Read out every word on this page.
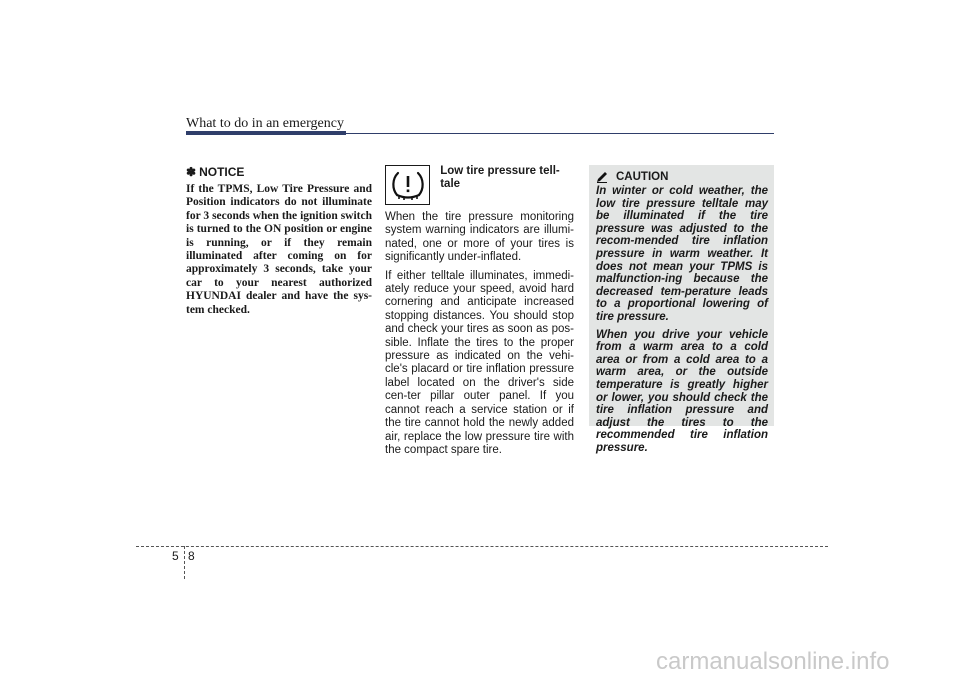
What to do in an emergency
✽ NOTICE

If the TPMS, Low Tire Pressure and Position indicators do not illuminate for 3 seconds when the ignition switch is turned to the ON position or engine is running, or if they remain illuminated after coming on for approximately 3 seconds, take your car to your nearest authorized HYUNDAI dealer and have the sys-tem checked.

Low tire pressure tell-tale

When the tire pressure monitoring system warning indicators are illumi-nated, one or more of your tires is significantly under-inflated.

If either telltale illuminates, immedi-ately reduce your speed, avoid hard cornering and anticipate increased stopping distances. You should stop and check your tires as soon as pos-sible. Inflate the tires to the proper pressure as indicated on the vehi-cle's placard or tire inflation pressure label located on the driver's side cen-ter pillar outer panel. If you cannot reach a service station or if the tire cannot hold the newly added air, replace the low pressure tire with the compact spare tire.

CAUTION

In winter or cold weather, the low tire pressure telltale may be illuminated if the tire pressure was adjusted to the recom-mended tire inflation pressure in warm weather. It does not mean your TPMS is malfunction-ing because the decreased tem-perature leads to a proportional lowering of tire pressure.

When you drive your vehicle from a warm area to a cold area or from a cold area to a warm area, or the outside temperature is greatly higher or lower, you should check the tire inflation pressure and adjust the tires to the recommended tire inflation pressure.

5 8
carmanualsonline.info
